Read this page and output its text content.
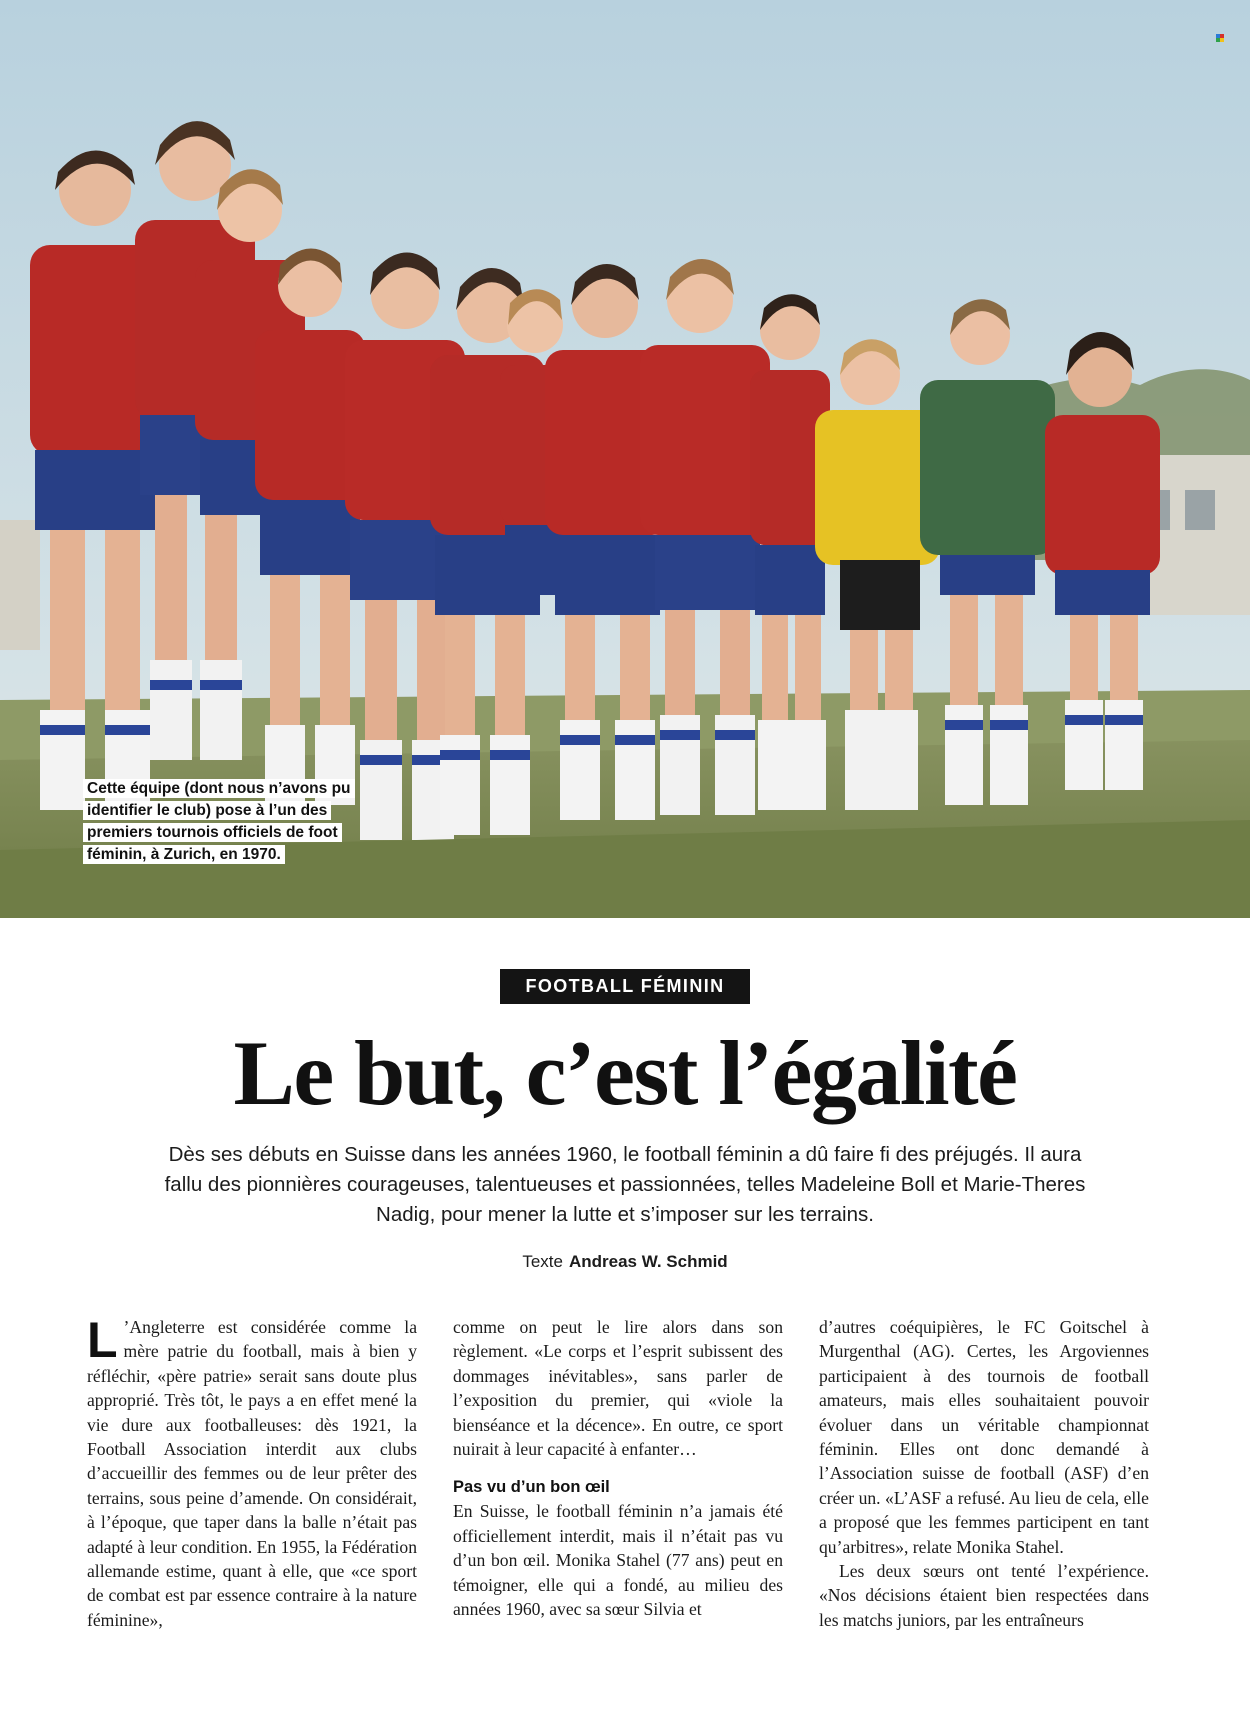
Cette équipe (dont nous n’avons pu identifier le club) pose à l’un des premiers tournois officiels de foot féminin, à Zurich, en 1970.
FOOTBALL FÉMININ
Le but, c’est l’égalité

Dès ses débuts en Suisse dans les années 1960, le football féminin a dû faire fi des préjugés. Il aura fallu des pionnières courageuses, talentueuses et passionnées, telles Madeleine Boll et Marie-Theres Nadig, pour mener la lutte et s’imposer sur les terrains.

Texte Andreas W. Schmid

L ’Angleterre est considérée comme la mère patrie du football, mais à bien y réfléchir, «père patrie» serait sans doute plus approprié. Très tôt, le pays a en effet mené la vie dure aux footballeuses: dès 1921, la Football Association interdit aux clubs d’accueillir des femmes ou de leur prêter des terrains, sous peine d’amende. On considérait, à l’époque, que taper dans la balle n’était pas adapté à leur condition. En 1955, la Fédération allemande estime, quant à elle, que «ce sport de combat est par essence contraire à la nature féminine»,

comme on peut le lire alors dans son règlement. «Le corps et l’esprit subissent des dommages inévitables», sans parler de l’exposition du premier, qui «viole la bienséance et la décence». En outre, ce sport nuirait à leur capacité à enfanter…

Pas vu d’un bon œil

En Suisse, le football féminin n’a jamais été officiellement interdit, mais il n’était pas vu d’un bon œil. Monika Stahel (77 ans) peut en témoigner, elle qui a fondé, au milieu des années 1960, avec sa sœur Silvia et

d’autres coéquipières, le FC Goitschel à Murgenthal (AG). Certes, les Argoviennes participaient à des tournois de football amateurs, mais elles souhaitaient pouvoir évoluer dans un véritable championnat féminin. Elles ont donc demandé à l’Association suisse de football (ASF) d’en créer un. «L’ASF a refusé. Au lieu de cela, elle a proposé que les femmes participent en tant qu’arbitres», relate Monika Stahel.

Les deux sœurs ont tenté l’expérience. «Nos décisions étaient bien respectées dans les matchs juniors, par les entraîneurs
